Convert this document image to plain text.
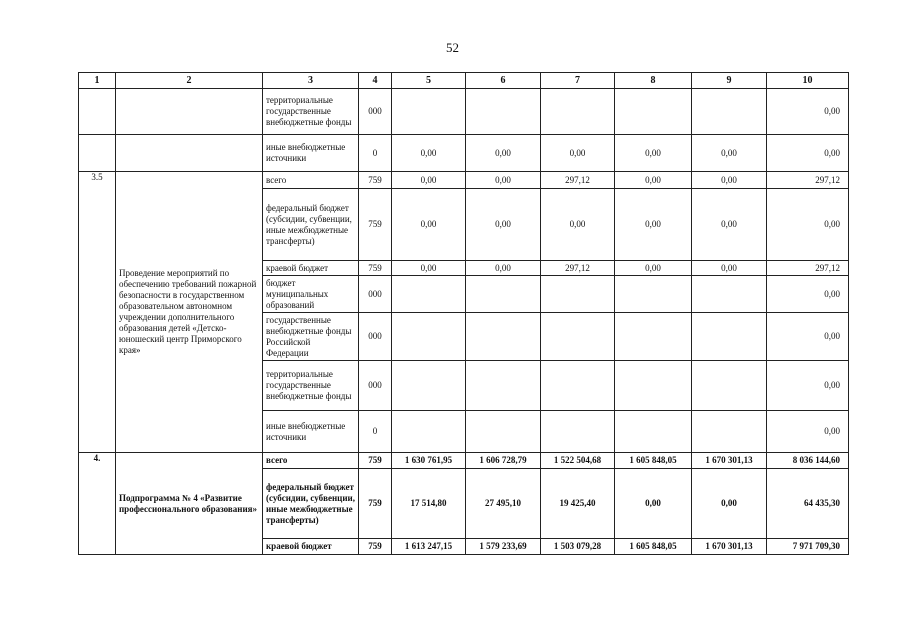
52
1	2	3	4	5	6	7	8	9	10
		территориальные государственные внебюджетные фонды	000						0,00
		иные внебюджетные источники	0	0,00	0,00	0,00	0,00	0,00	0,00
3.5	Проведение мероприятий по обеспечению требований пожарной безопасности в государственном образовательном автономном учреждении дополнительного образования детей «Детско-юношеский центр Приморского края»	всего	759	0,00	0,00	297,12	0,00	0,00	297,12
		федеральный бюджет (субсидии, субвенции, иные межбюджетные трансферты)	759	0,00	0,00	0,00	0,00	0,00	0,00
		краевой бюджет	759	0,00	0,00	297,12	0,00	0,00	297,12
		бюджет муниципальных образований	000						0,00
		государственные внебюджетные фонды Российской Федерации	000						0,00
		территориальные государственные внебюджетные фонды	000						0,00
		иные внебюджетные источники	0						0,00
4.	Подпрограмма № 4 «Развитие профессионального образования»	всего	759	1 630 761,95	1 606 728,79	1 522 504,68	1 605 848,05	1 670 301,13	8 036 144,60
		федеральный бюджет (субсидии, субвенции, иные межбюджетные трансферты)	759	17 514,80	27 495,10	19 425,40	0,00	0,00	64 435,30
		краевой бюджет	759	1 613 247,15	1 579 233,69	1 503 079,28	1 605 848,05	1 670 301,13	7 971 709,30
